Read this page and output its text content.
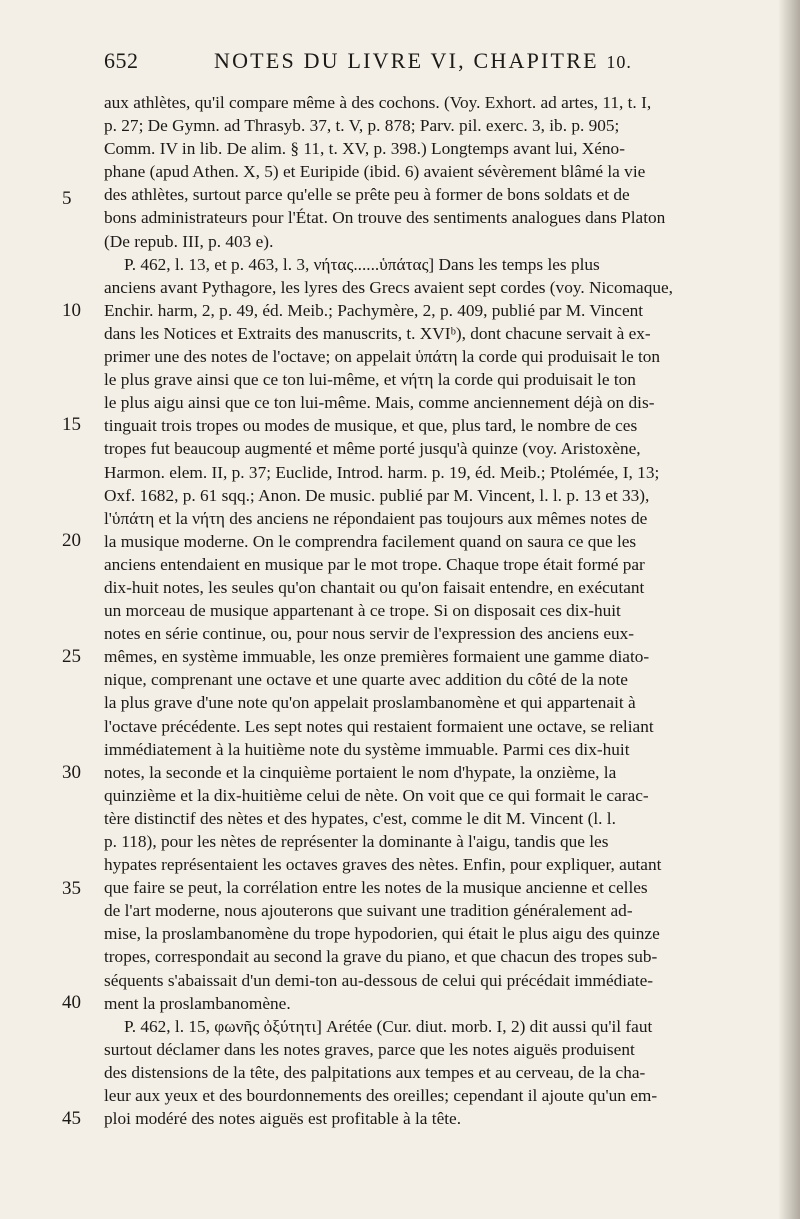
652	NOTES DU LIVRE VI, CHAPITRE 10.
5
10
15
20
25
30
35
40
45
aux athlètes, qu'il compare même à des cochons. (Voy. Exhort. ad artes, 11, t. I,
p. 27; De Gymn. ad Thrasyb. 37, t. V, p. 878; Parv. pil. exerc. 3, ib. p. 905;
Comm. IV in lib. De alim. § 11, t. XV, p. 398.) Longtemps avant lui, Xéno-
phane (apud Athen. X, 5) et Euripide (ibid. 6) avaient sévèrement blâmé la vie
des athlètes, surtout parce qu'elle se prête peu à former de bons soldats et de
bons administrateurs pour l'État. On trouve des sentiments analogues dans Platon
(De repub. III, p. 403 e).
P. 462, l. 13, et p. 463, l. 3, νήτας......ὑπάτας] Dans les temps les plus
anciens avant Pythagore, les lyres des Grecs avaient sept cordes (voy. Nicomaque,
Enchir. harm, 2, p. 49, éd. Meib.; Pachymère, 2, p. 409, publié par M. Vincent
dans les Notices et Extraits des manuscrits, t. XVIᵇ), dont chacune servait à ex-
primer une des notes de l'octave; on appelait ὑπάτη la corde qui produisait le ton
le plus grave ainsi que ce ton lui-même, et νήτη la corde qui produisait le ton
le plus aigu ainsi que ce ton lui-même. Mais, comme anciennement déjà on dis-
tinguait trois tropes ou modes de musique, et que, plus tard, le nombre de ces
tropes fut beaucoup augmenté et même porté jusqu'à quinze (voy. Aristoxène,
Harmon. elem. II, p. 37; Euclide, Introd. harm. p. 19, éd. Meib.; Ptolémée, I, 13;
Oxf. 1682, p. 61 sqq.; Anon. De music. publié par M. Vincent, l. l. p. 13 et 33),
l'ὑπάτη et la νήτη des anciens ne répondaient pas toujours aux mêmes notes de
la musique moderne. On le comprendra facilement quand on saura ce que les
anciens entendaient en musique par le mot trope. Chaque trope était formé par
dix-huit notes, les seules qu'on chantait ou qu'on faisait entendre, en exécutant
un morceau de musique appartenant à ce trope. Si on disposait ces dix-huit
notes en série continue, ou, pour nous servir de l'expression des anciens eux-
mêmes, en système immuable, les onze premières formaient une gamme diato-
nique, comprenant une octave et une quarte avec addition du côté de la note
la plus grave d'une note qu'on appelait proslambanomène et qui appartenait à
l'octave précédente. Les sept notes qui restaient formaient une octave, se reliant
immédiatement à la huitième note du système immuable. Parmi ces dix-huit
notes, la seconde et la cinquième portaient le nom d'hypate, la onzième, la
quinzième et la dix-huitième celui de nète. On voit que ce qui formait le carac-
tère distinctif des nètes et des hypates, c'est, comme le dit M. Vincent (l. l.
p. 118), pour les nètes de représenter la dominante à l'aigu, tandis que les
hypates représentaient les octaves graves des nètes. Enfin, pour expliquer, autant
que faire se peut, la corrélation entre les notes de la musique ancienne et celles
de l'art moderne, nous ajouterons que suivant une tradition généralement ad-
mise, la proslambanomène du trope hypodorien, qui était le plus aigu des quinze
tropes, correspondait au second la grave du piano, et que chacun des tropes sub-
séquents s'abaissait d'un demi-ton au-dessous de celui qui précédait immédiate-
ment la proslambanomène.
P. 462, l. 15, φωνῆς ὀξύτητι] Arétée (Cur. diut. morb. I, 2) dit aussi qu'il faut
surtout déclamer dans les notes graves, parce que les notes aiguës produisent
des distensions de la tête, des palpitations aux tempes et au cerveau, de la cha-
leur aux yeux et des bourdonnements des oreilles; cependant il ajoute qu'un em-
ploi modéré des notes aiguës est profitable à la tête.
